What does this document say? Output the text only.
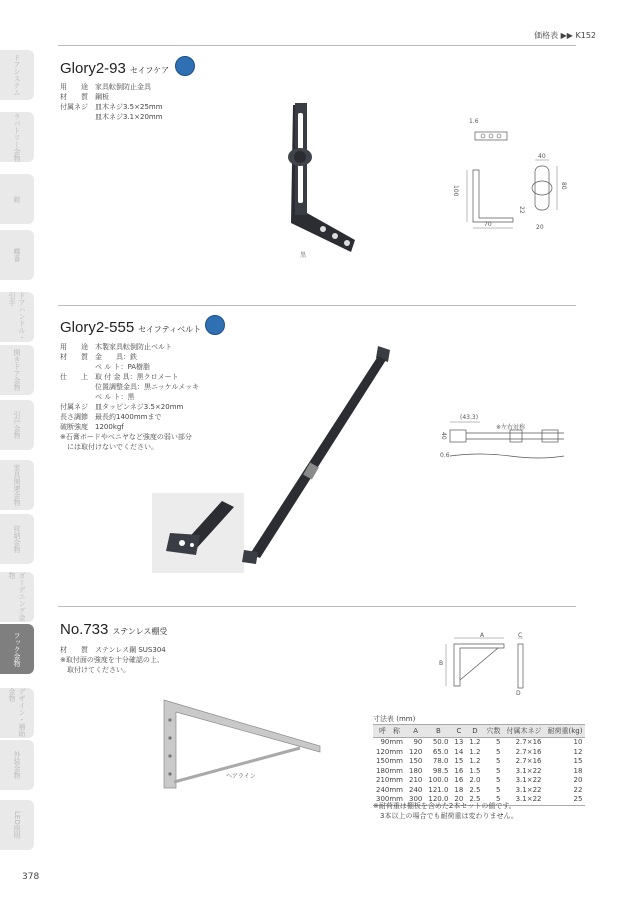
価格表 ▶▶ K152
ドアシステム
ラバトリー金物
錠
蝶番
ドアハンドル・引手
開きドア金物
引戸金物
家具関連金物
収納金物
ガーデニング金物
フック金物
デザイン・補助金物
外装金物
LED照明
378
Glory2-93 セイフケア
用　　途　家具転倒防止金具
材　　質　鋼板
付属ネジ　皿木ネジ3.5×25mm
　　　　　皿木ネジ3.1×20mm
黒
1.6
40
100
70
22
80
20
Glory2-555 セイフティベルト
用　　途　木製家具転倒防止ベルト
材　　質　金　　具：鉄
　　　　　ベ ル ト：PA樹脂
仕　　上　取 付 金 具：黒クロメート
　　　　　位置調整金具：黒ニッケルメッキ
　　　　　ベ ル ト：黒
付属ネジ　皿タッピンネジ3.5×20mm
長さ調節　最長約1400mmまで
破断強度　1200kgf
※石膏ボードやベニヤなど強度の弱い部分
　には取付けないでください。
(43.3)
※左右対称
40
0.6
No.733 ステンレス棚受
材　　質　ステンレス鋼 SUS304
※取付面の強度を十分確認の上、
　取付けてください。
ヘアライン
A
B
C
D
寸法表 (mm)
呼　称	A	B	C	D	穴数	付属木ネジ	耐荷重(kg)
90mm	90	50.0	13	1.2	5	2.7×16	10
120mm	120	65.0	14	1.2	5	2.7×16	12
150mm	150	78.0	15	1.2	5	2.7×16	15
180mm	180	98.5	16	1.5	5	3.1×22	18
210mm	210	100.0	16	2.0	5	3.1×22	20
240mm	240	121.0	18	2.5	5	3.1×22	22
300mm	300	120.0	20	2.5	5	3.1×22	25
※耐荷重は棚板を含めた2本セットの値です。
　3本以上の場合でも耐荷重は変わりません。
